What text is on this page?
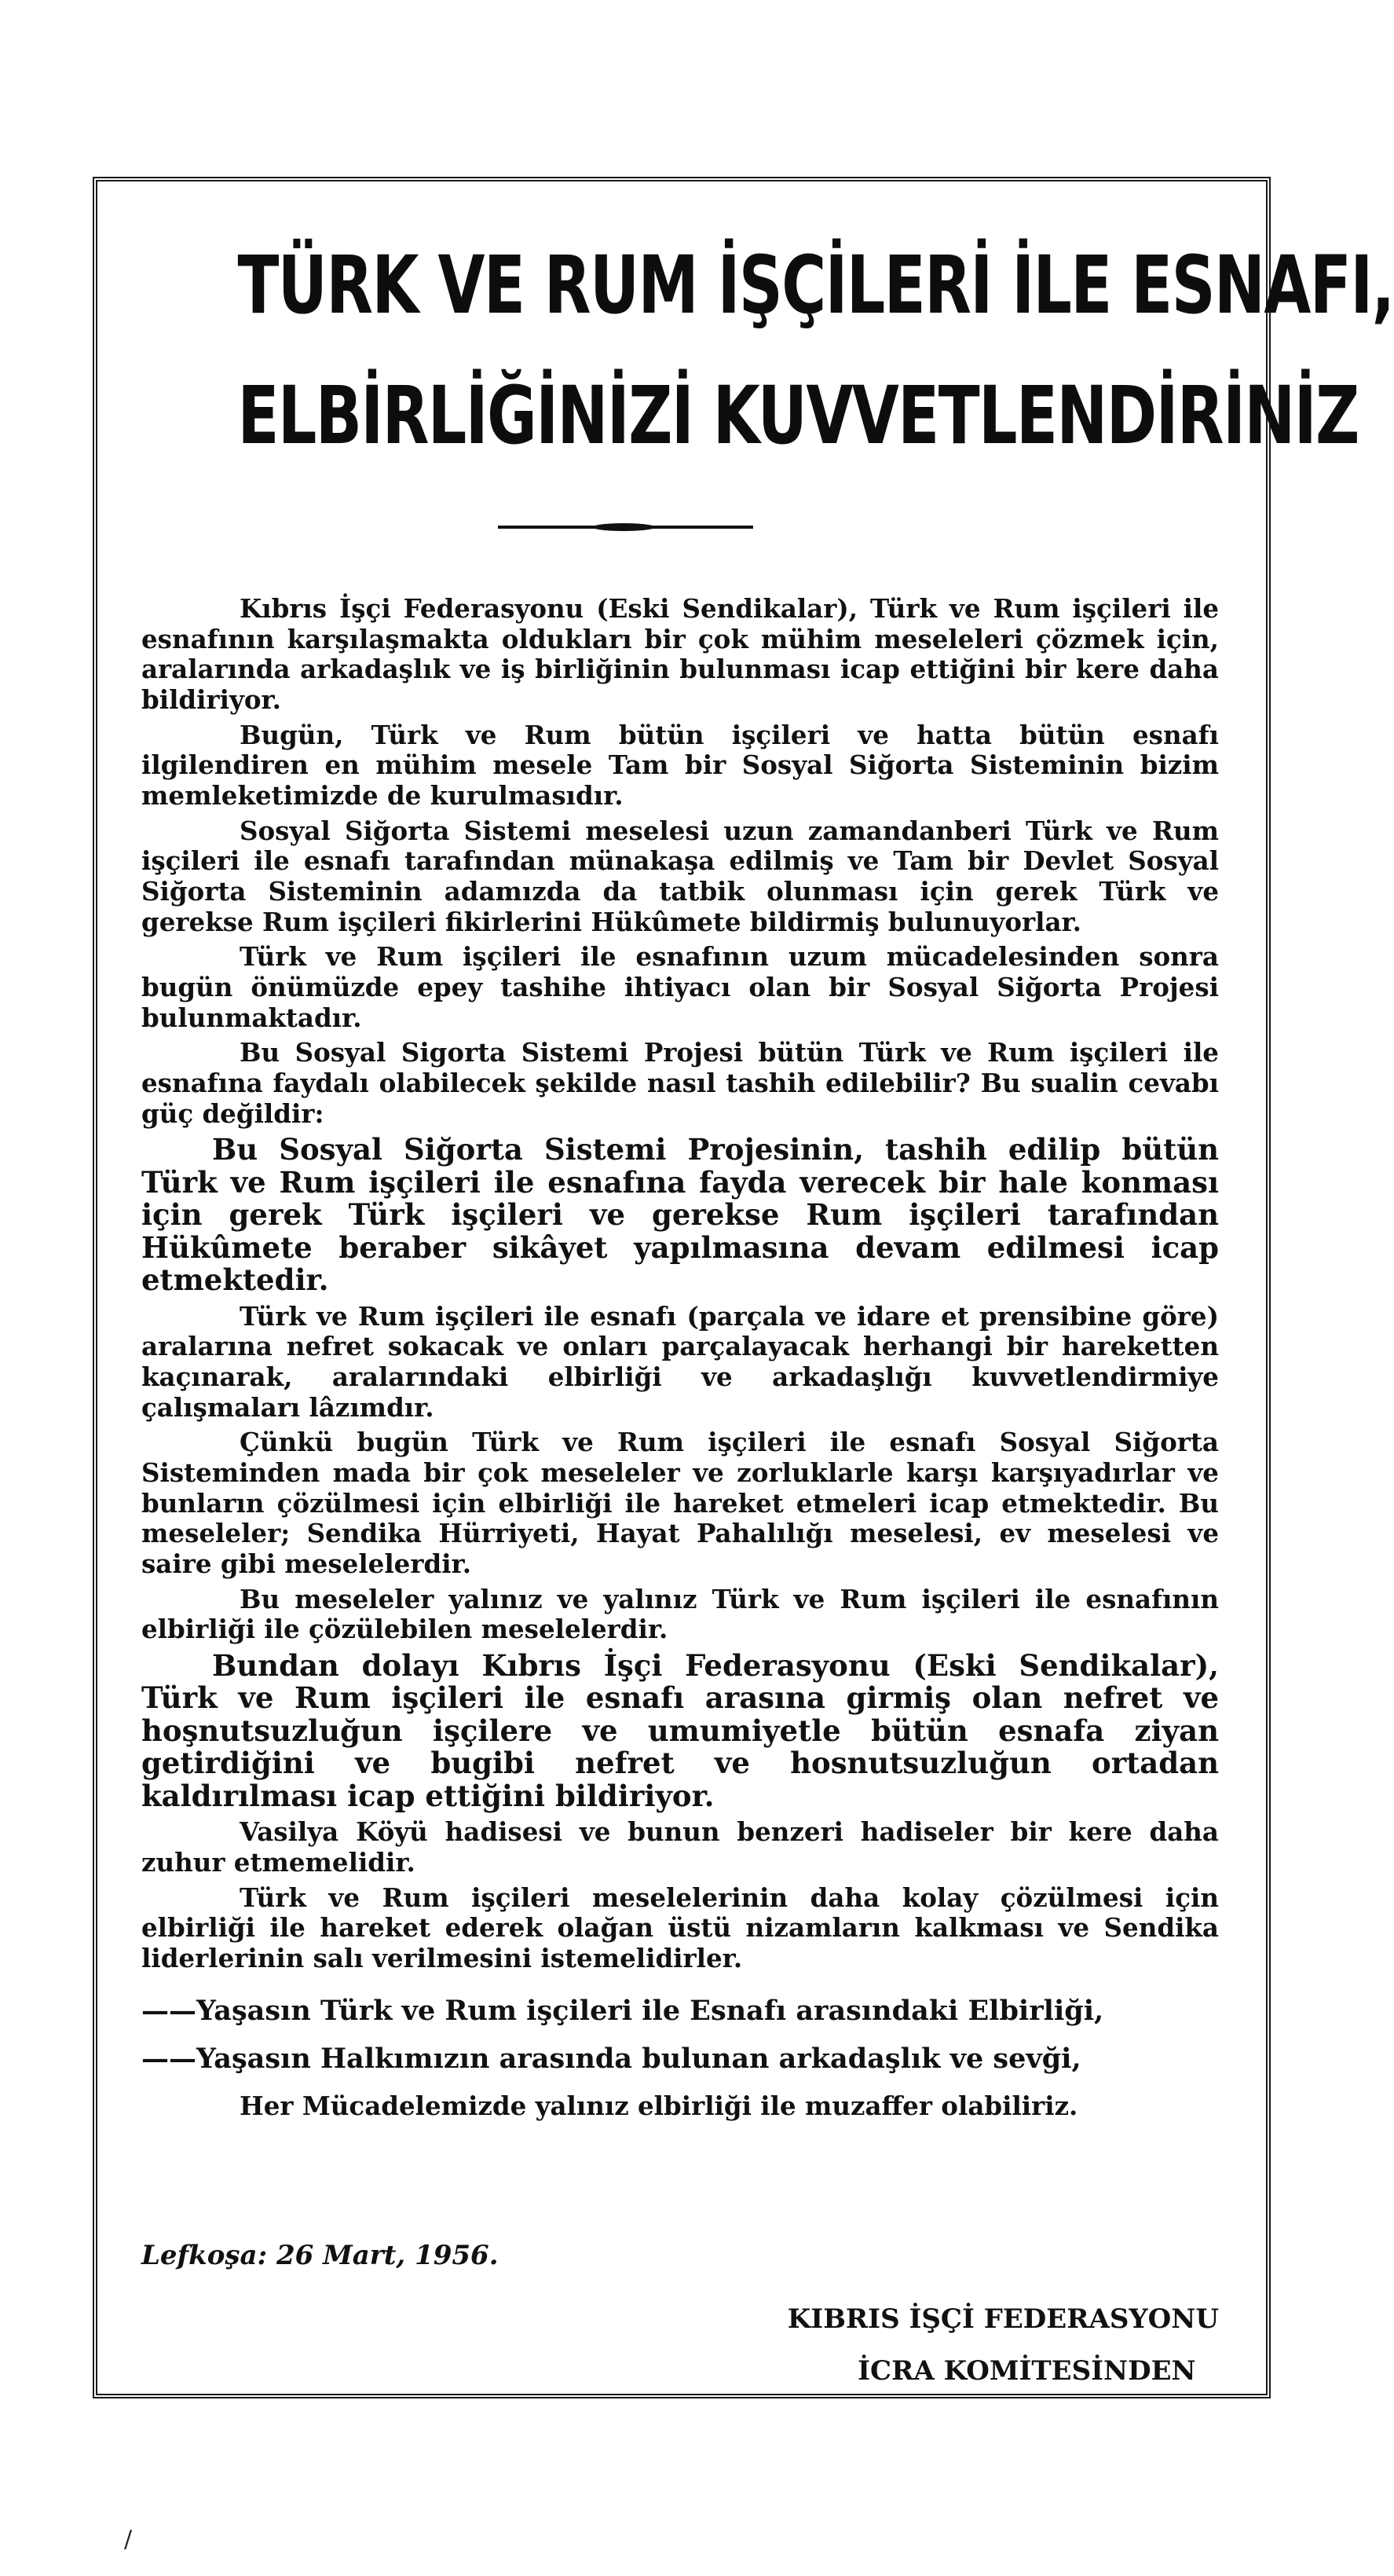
TÜRK VE RUM İŞÇİLERİ İLE ESNAFI,
ELBİRLİĞİNİZİ KUVVETLENDİRİNİZ

Kıbrıs İşçi Federasyonu (Eski Sendikalar), Türk ve Rum işçileri ile esnafının karşılaşmakta oldukları bir çok mühim meseleleri çözmek için, aralarında arkadaşlık ve iş birliğinin bulunması icap ettiğini bir kere daha bildiriyor.

Bugün, Türk ve Rum bütün işçileri ve hatta bütün esnafı ilgilendiren en mühim mesele Tam bir Sosyal Siğorta Sisteminin bizim memleketimizde de kurulmasıdır.

Sosyal Siğorta Sistemi meselesi uzun zamandanberi Türk ve Rum işçileri ile esnafı tarafından münakaşa edilmiş ve Tam bir Devlet Sosyal Siğorta Sisteminin adamızda da tatbik olunması için gerek Türk ve gerekse Rum işçileri fikirlerini Hükûmete bildirmiş bulunuyorlar.

Türk ve Rum işçileri ile esnafının uzum mücadelesinden sonra bugün önümüzde epey tashihe ihtiyacı olan bir Sosyal Siğorta Projesi bulunmaktadır.

Bu Sosyal Sigorta Sistemi Projesi bütün Türk ve Rum işçileri ile esnafına faydalı olabilecek şekilde nasıl tashih edilebilir? Bu sualin cevabı güç değildir:

Bu Sosyal Siğorta Sistemi Projesinin, tashih edilip bütün Türk ve Rum işçileri ile esnafına fayda verecek bir hale konması için gerek Türk işçileri ve gerekse Rum işçileri tarafından Hükûmete beraber sikâyet yapılmasına devam edilmesi icap etmektedir.

Türk ve Rum işçileri ile esnafı (parçala ve idare et prensibine göre) aralarına nefret sokacak ve onları parçalayacak herhangi bir hareketten kaçınarak, aralarındaki elbirliği ve arkadaşlığı kuvvetlendirmiye çalışmaları lâzımdır.

Çünkü bugün Türk ve Rum işçileri ile esnafı Sosyal Siğorta Sisteminden mada bir çok meseleler ve zorluklarle karşı karşıyadırlar ve bunların çözülmesi için elbirliği ile hareket etmeleri icap etmektedir. Bu meseleler; Sendika Hürriyeti, Hayat Pahalılığı meselesi, ev meselesi ve saire gibi meselelerdir.

Bu meseleler yalınız ve yalınız Türk ve Rum işçileri ile esnafının elbirliği ile çözülebilen meselelerdir.

Bundan dolayı Kıbrıs İşçi Federasyonu (Eski Sendikalar), Türk ve Rum işçileri ile esnafı arasına girmiş olan nefret ve hoşnutsuzluğun işçilere ve umumiyetle bütün esnafa ziyan getirdiğini ve bugibi nefret ve hosnutsuzluğun ortadan kaldırılması icap ettiğini bildiriyor.

Vasilya Köyü hadisesi ve bunun benzeri hadiseler bir kere daha zuhur etmemelidir.

Türk ve Rum işçileri meselelerinin daha kolay çözülmesi için elbirliği ile hareket ederek olağan üstü nizamların kalkması ve Sendika liderlerinin salı verilmesini istemelidirler.

——Yaşasın Türk ve Rum işçileri ile Esnafı arasındaki Elbirliği,
——Yaşasın Halkımızın arasında bulunan arkadaşlık ve sevği,
Her Mücadelemizde yalınız elbirliği ile muzaffer olabiliriz.
Lefkoşa: 26 Mart, 1956.
KIBRIS İŞÇİ FEDERASYONU
İCRA KOMİTESİNDEN
/
